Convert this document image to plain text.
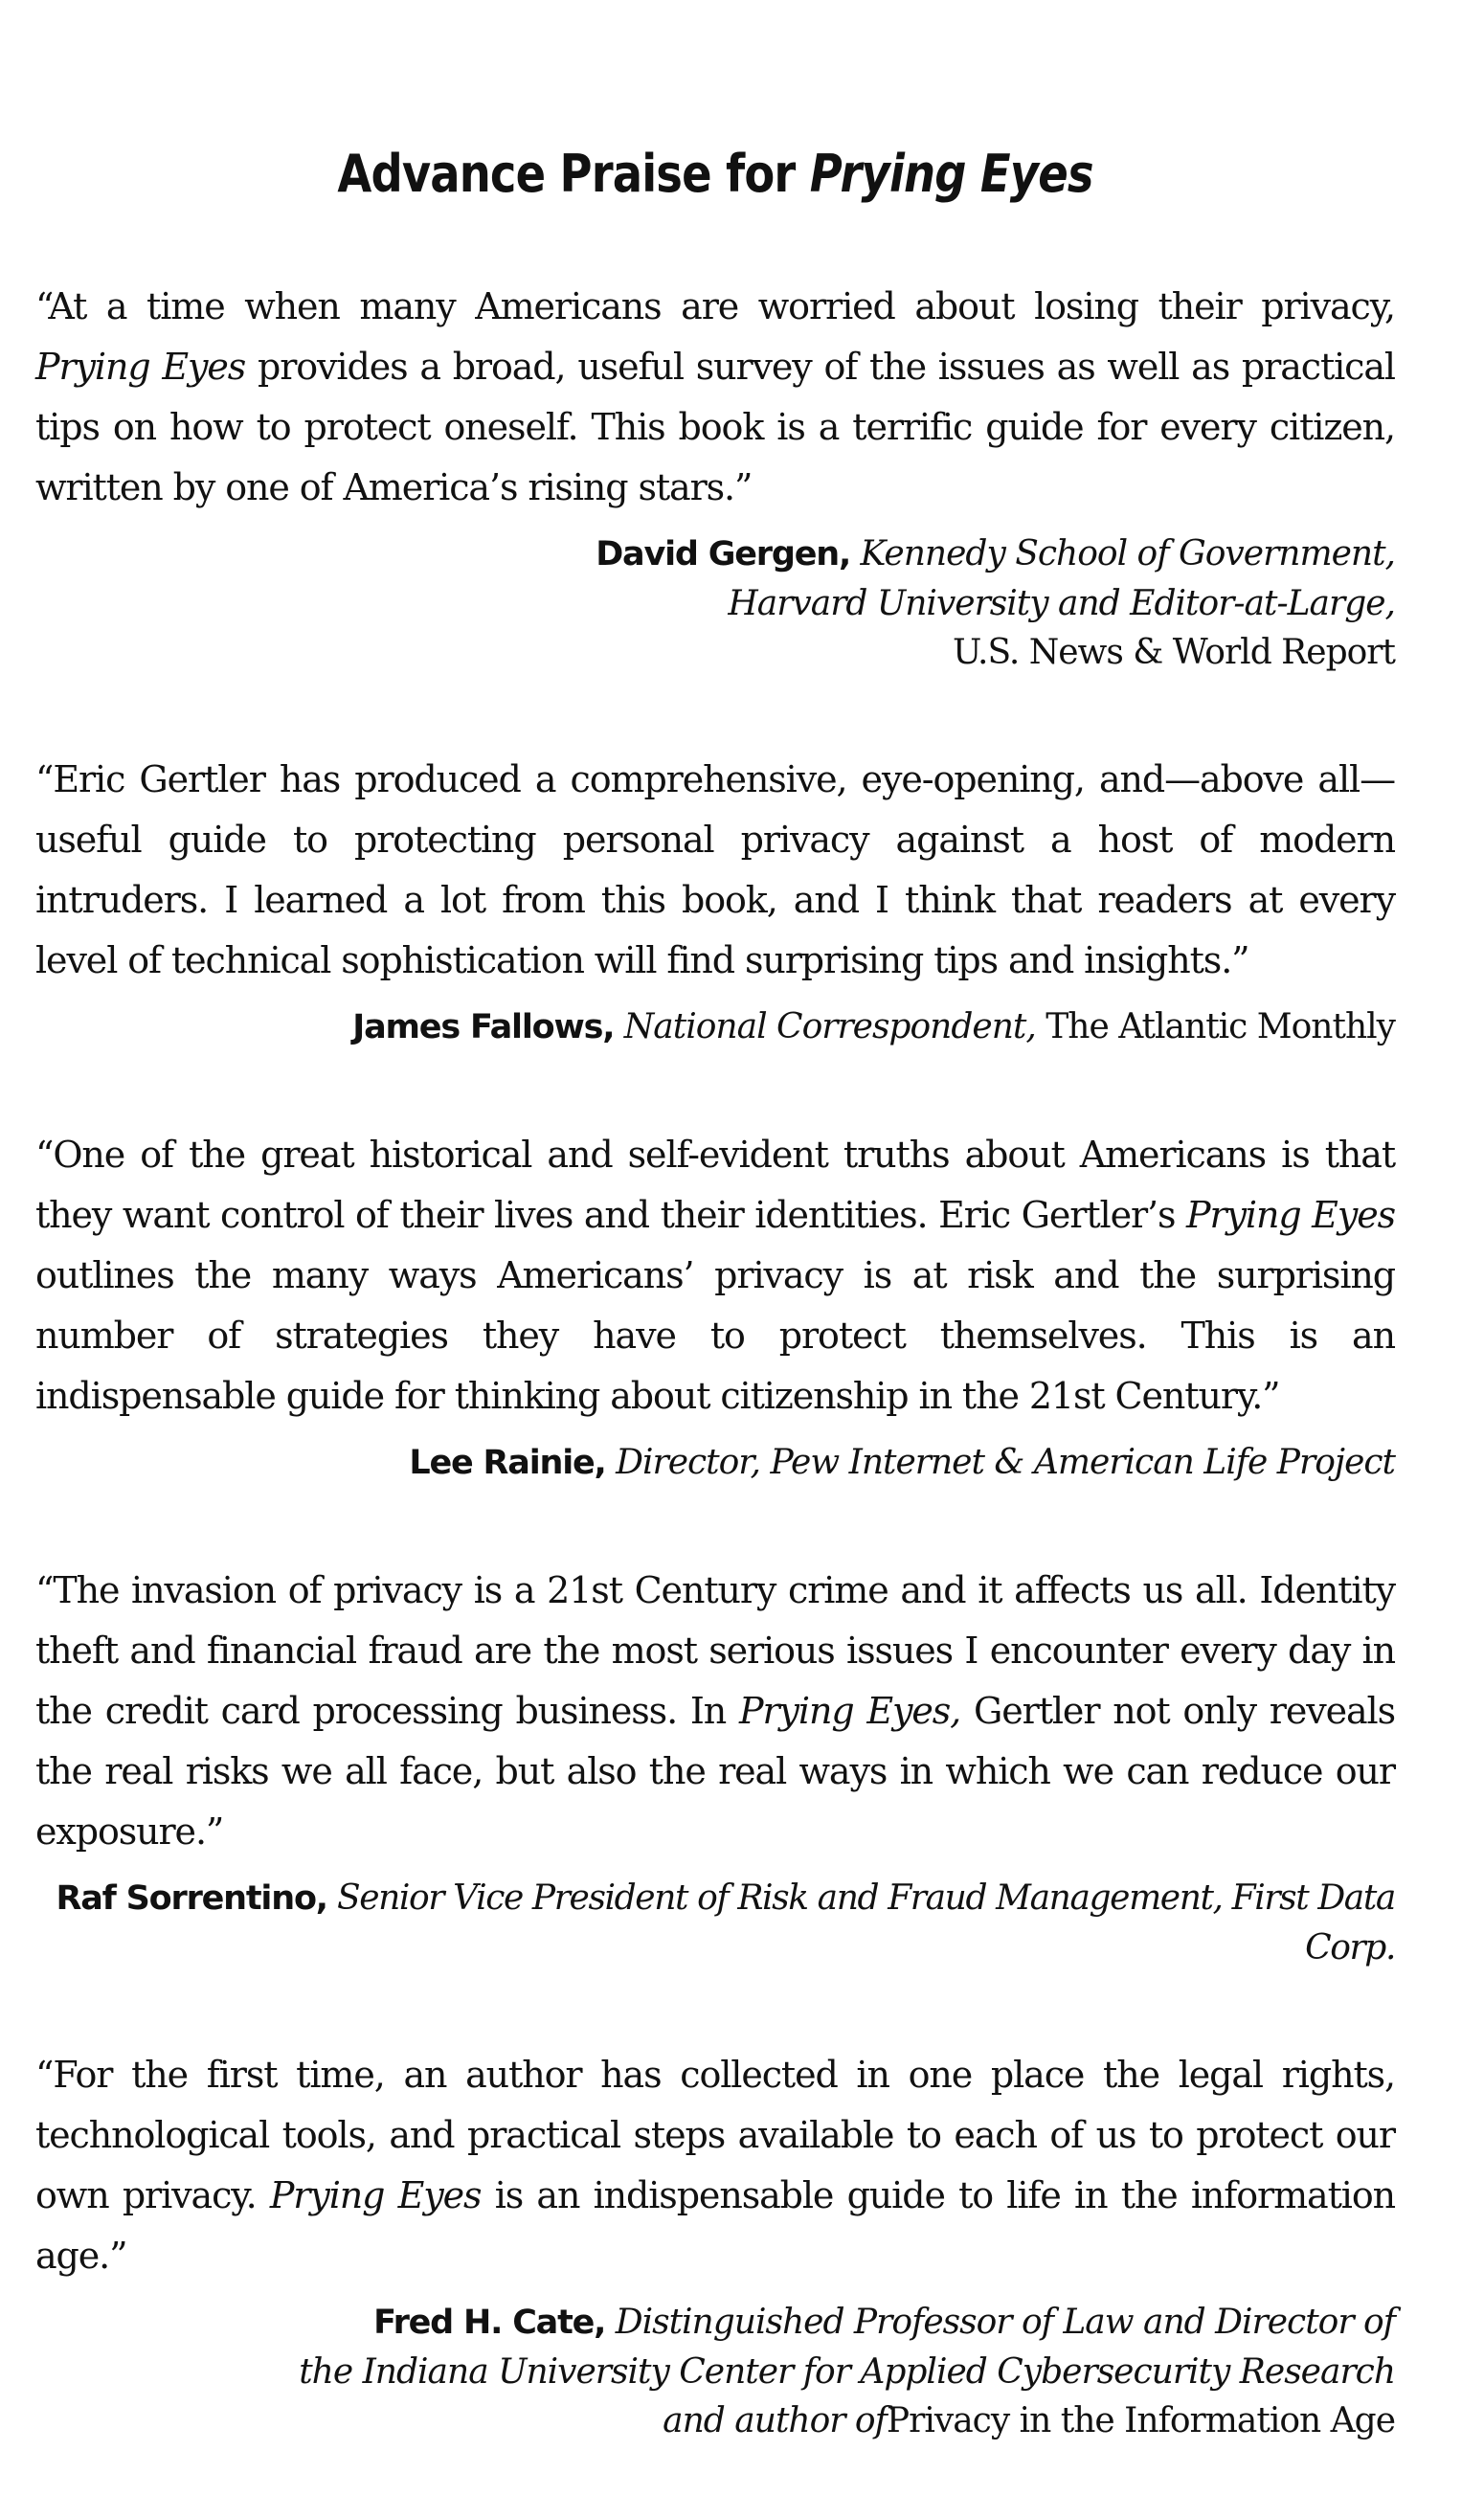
Advance Praise for Prying Eyes

“At a time when many Americans are worried about losing their privacy, Prying Eyes provides a broad, useful survey of the issues as well as practical tips on how to protect oneself. This book is a terrific guide for every citizen, written by one of America’s rising stars.”

David Gergen, Kennedy School of Government,
Harvard University and Editor-at-Large,
U.S. News & World Report

“Eric Gertler has produced a comprehensive, eye-opening, and—above all—useful guide to protecting personal privacy against a host of modern intruders. I learned a lot from this book, and I think that readers at every level of technical sophistication will find surprising tips and insights.”

James Fallows, National Correspondent, The Atlantic Monthly

“One of the great historical and self-evident truths about Americans is that they want control of their lives and their identities. Eric Gertler’s Prying Eyes outlines the many ways Americans’ privacy is at risk and the surprising number of strategies they have to protect themselves. This is an indispensable guide for thinking about citizenship in the 21st Century.”

Lee Rainie, Director, Pew Internet & American Life Project

“The invasion of privacy is a 21st Century crime and it affects us all. Identity theft and financial fraud are the most serious issues I encounter every day in the credit card processing business. In Prying Eyes, Gertler not only reveals the real risks we all face, but also the real ways in which we can reduce our exposure.”

Raf Sorrentino, Senior Vice President of Risk and Fraud Management, First Data Corp.

“For the first time, an author has collected in one place the legal rights, technological tools, and practical steps available to each of us to protect our own privacy. Prying Eyes is an indispensable guide to life in the information age.”

Fred H. Cate, Distinguished Professor of Law and Director of
the Indiana University Center for Applied Cybersecurity Research
and author ofPrivacy in the Information Age
